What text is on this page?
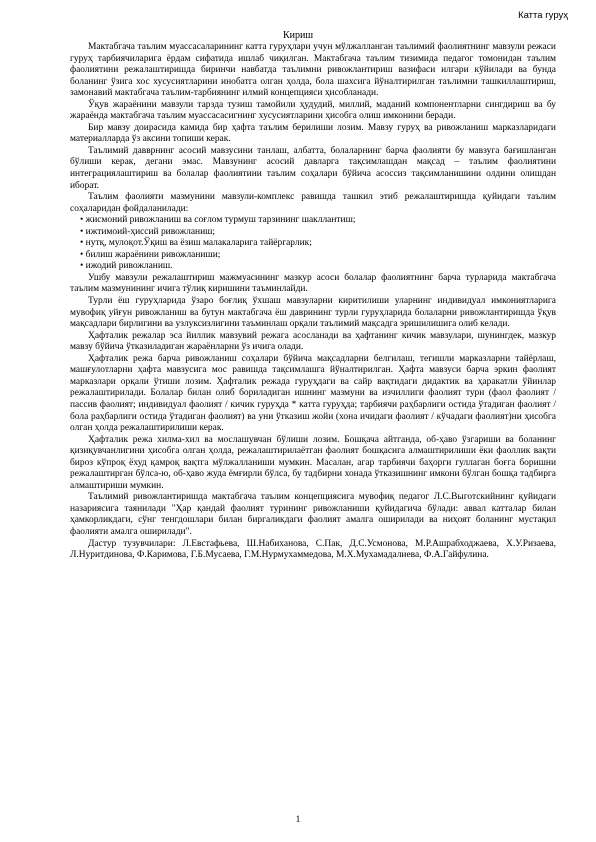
Катта гуруҳ
Кириш

Мактабгача таълим муассасаларининг катта гуруҳлари учун мўлжалланган таълимий фаолиятнинг мавзули режаси гуруҳ тарбиячиларига ёрдам сифатида ишлаб чиқилган. Мактабгача таълим тизимида педагог томонидан таълим фаолиятини режалаштиришда биринчи навбатда таълимни ривожлантириш вазифаси илгари кўйилади ва бунда боланинг ўзига хос хусусиятларини инобатга олган ҳолда, бола шахсига йўналтирилган таълимни ташкиллаштириш, замонавий мактабгача таълим-тарбиянинг илмий концепцияси ҳисобланади.

Ўқув жараёнини мавзули тарзда тузиш тамойили ҳудудий, миллий, маданий компонентларни сингдириш ва бу жараёнда мактабгача таълим муассасасигнинг хусусиятларини ҳисобга олиш имконини беради.

Бир мавзу доирасида камида бир ҳафта таълим берилиши лозим. Мавзу гуруҳ ва ривожланиш марказларидаги материалларда ўз аксини топиши керак.

Таълимий давврнинг асосий мавзусини танлаш, албатта, болаларнинг барча фаолияти бу мавзуга бағишланган бўлиши керак, дегани эмас. Мавзунинг асосий давларга тақсимлашдан мақсад – таълим фаолиятини интеграциялаштириш ва болалар фаолиятини таълим соҳалари бўйича асоссиз тақсимланишини олдини олишдан иборат.

Таълим фаолияти мазмунини мавзули-комплекс равишда ташкил этиб режалаштиришда қуйидаги таълим соҳаларидан фойдаланилади:

• жисмоний ривожланиш ва соғлом турмуш тарзининг шакллантиш;
• ижтимоий-ҳиссий ривожланиш;
• нутқ, мулоқот.Ўқиш ва ёзиш малакаларига тайёргарлик;
• билиш жараёнини ривожланиши;
• ижодий ривожланиш.

Ушбу мавзули режалаштириш мажмуасининг мазкур асоси болалар фаолиятнинг барча турларида мактабгача таълим мазмунининг ичига тўлиқ киришини таъминлайди.

Турли ёш гуруҳларида ўзаро боғлиқ ўхшаш мавзуларни киритилиши уларнинг индивидуал имкониятларига мувофиқ уйғун ривожланиш ва бутун мактабгача ёш даврининг турли гуруҳларида болаларни ривожлантиришда ўқув мақсадлари бирлигини ва узлуксизлигини таъминлаш орқали таълимий мақсадга эришилишига олиб келади.

Ҳафталик режалар эса йиллик мавзувий режага асосланади ва ҳафтанинг кичик мавзулари, шунингдек, мазкур мавзу бўйича ўтказиладиган жараёнларни ўз ичига олади.

Ҳафталик режа барча ривожланиш соҳалари бўйича мақсадларни белгилаш, тегишли марказларни тайёрлаш, машғулотларни ҳафта мавзусига мос равишда тақсимлашга йўналтирилган. Ҳафта мавзуси барча эркин фаолият марказлари орқали ўтиши лозим. Ҳафталик режада гуруҳдаги ва сайр вақтидаги дидактик ва ҳаракатли ўйинлар режалаштирилади. Болалар билан олиб бориладиган ишнинг мазмуни ва изчиллиги фаолият тури (фаол фаолият / пассив фаолият; индивидуал фаолият / кичик гуруҳда * катта гуруҳда; тарбиячи раҳбарлиги остида ўтадиган фаолият / бола раҳбарлиги остида ўтадиган фаолият) ва уни ўтказиш жойи (хона ичидаги фаолият / кўчадаги фаолият)ни ҳисобга олган ҳолда режалаштирилиши керак.

Ҳафталик режа хилма-хил ва мослашувчан бўлиши лозим. Бошқача айтганда, об-ҳаво ўзгариши ва боланинг қизиқувчанлигини ҳисобга олган ҳолда, режалаштирилаётган фаолият бошқасига алмаштирилиши ёки фаоллик вақти бироз кўпроқ ёхуд қамроқ вақтга мўлжалланиши мумкин. Масалан, агар тарбиячи баҳорги гуллаган боғга боришни режалаштирган бўлса-ю, об-ҳаво жуда ёмғирли бўлса, бу тадбирни хонада ўтказишнинг имкони бўлган бошқа тадбирга алмаштириши мумкин.

Таълимий ривожлантиришда мактабгача таълим концепциясига мувофиқ педагог Л.С.Выготскийнинг қуйидаги назариясига таянилади "Ҳар қандай фаолият турининг ривожланиши қуйидагича бўлади: аввал катталар билан ҳамкорликдаги, сўнг тенгдошлари билан биргаликдаги фаолият амалга оширилади ва ниҳоят боланинг мустақил фаолияти амалга оширилади".

Дастур тузувчилари: Л.Евстафьева, Ш.Набиханова, С.Пак, Д.С.Усмонова, М.Р.Ашрабходжаева, Х.У.Ризаева, Л.Нуритдинова, Ф.Каримова, Г.Б.Мусаева, Г.М.Нурмухаммедова, М.Х.Мухамадалиева, Ф.А.Гайфулина.

1
